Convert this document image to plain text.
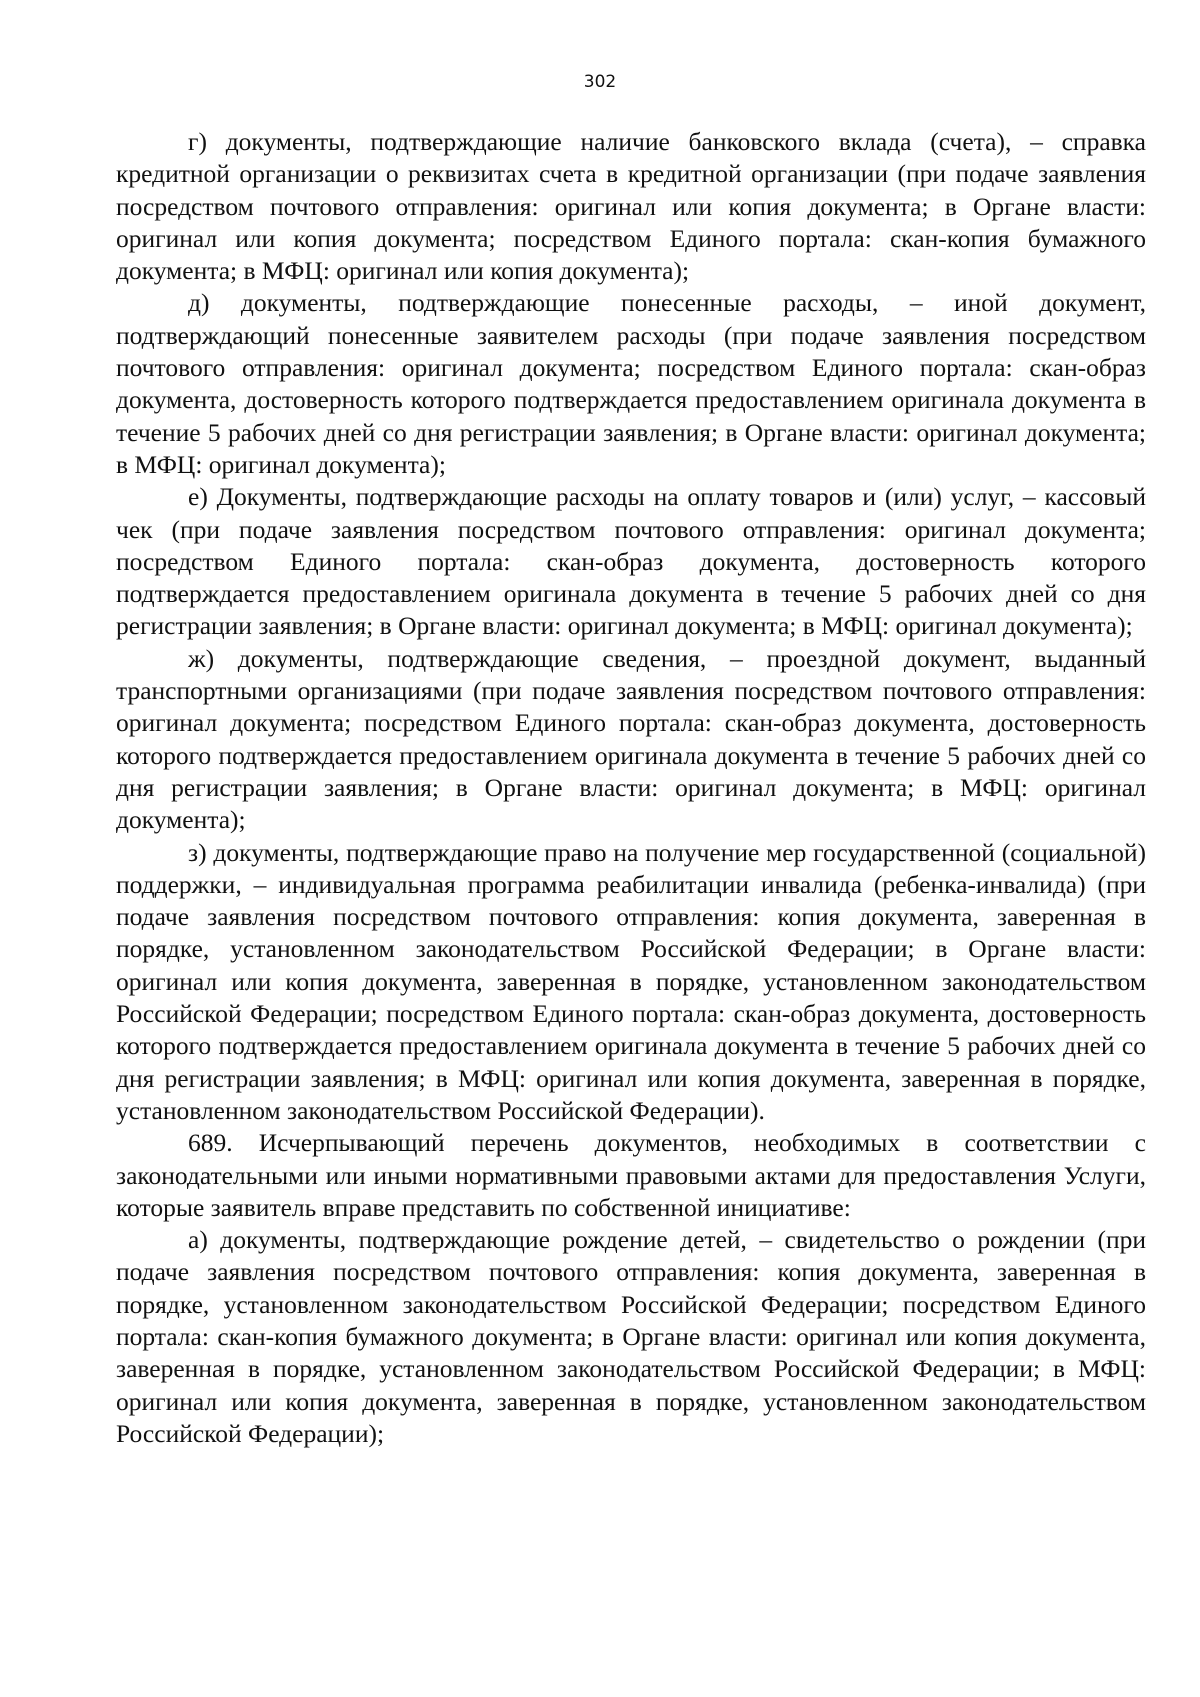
302

г) документы, подтверждающие наличие банковского вклада (счета), – справка кредитной организации о реквизитах счета в кредитной организации (при подаче заявления посредством почтового отправления: оригинал или копия документа; в Органе власти: оригинал или копия документа; посредством Единого портала: скан-копия бумажного документа; в МФЦ: оригинал или копия документа);

д) документы, подтверждающие понесенные расходы, – иной документ, подтверждающий понесенные заявителем расходы (при подаче заявления посредством почтового отправления: оригинал документа; посредством Единого портала: скан-образ документа, достоверность которого подтверждается предоставлением оригинала документа в течение 5 рабочих дней со дня регистрации заявления; в Органе власти: оригинал документа; в МФЦ: оригинал документа);

е) Документы, подтверждающие расходы на оплату товаров и (или) услуг, – кассовый чек (при подаче заявления посредством почтового отправления: оригинал документа; посредством Единого портала: скан-образ документа, достоверность которого подтверждается предоставлением оригинала документа в течение 5 рабочих дней со дня регистрации заявления; в Органе власти: оригинал документа; в МФЦ: оригинал документа);

ж) документы, подтверждающие сведения, – проездной документ, выданный транспортными организациями (при подаче заявления посредством почтового отправления: оригинал документа; посредством Единого портала: скан-образ документа, достоверность которого подтверждается предоставлением оригинала документа в течение 5 рабочих дней со дня регистрации заявления; в Органе власти: оригинал документа; в МФЦ: оригинал документа);

з) документы, подтверждающие право на получение мер государственной (социальной) поддержки, – индивидуальная программа реабилитации инвалида (ребенка-инвалида) (при подаче заявления посредством почтового отправления: копия документа, заверенная в порядке, установленном законодательством Российской Федерации; в Органе власти: оригинал или копия документа, заверенная в порядке, установленном законодательством Российской Федерации; посредством Единого портала: скан-образ документа, достоверность которого подтверждается предоставлением оригинала документа в течение 5 рабочих дней со дня регистрации заявления; в МФЦ: оригинал или копия документа, заверенная в порядке, установленном законодательством Российской Федерации).

689. Исчерпывающий перечень документов, необходимых в соответствии с законодательными или иными нормативными правовыми актами для предоставления Услуги, которые заявитель вправе представить по собственной инициативе:

а) документы, подтверждающие рождение детей, – свидетельство о рождении (при подаче заявления посредством почтового отправления: копия документа, заверенная в порядке, установленном законодательством Российской Федерации; посредством Единого портала: скан-копия бумажного документа; в Органе власти: оригинал или копия документа, заверенная в порядке, установленном законодательством Российской Федерации; в МФЦ: оригинал или копия документа, заверенная в порядке, установленном законодательством Российской Федерации);
